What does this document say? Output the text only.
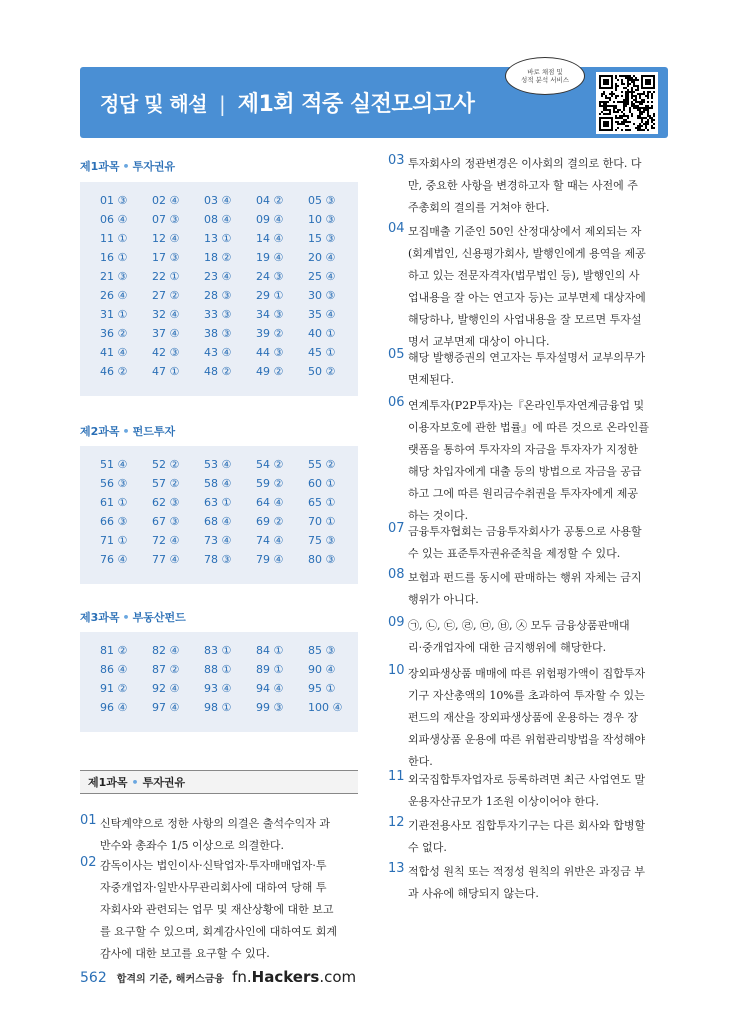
정답 및 해설 | 제1회 적중 실전모의고사
바로 채점 및
성적 분석 서비스
제1과목 • 투자권유
01 ③ 02 ④ 03 ④ 04 ② 05 ③
06 ④ 07 ③ 08 ④ 09 ④ 10 ③
11 ① 12 ④ 13 ① 14 ④ 15 ③
16 ① 17 ③ 18 ② 19 ④ 20 ④
21 ③ 22 ① 23 ④ 24 ③ 25 ④
26 ④ 27 ② 28 ③ 29 ① 30 ③
31 ① 32 ④ 33 ③ 34 ③ 35 ④
36 ② 37 ④ 38 ③ 39 ② 40 ①
41 ④ 42 ③ 43 ④ 44 ③ 45 ①
46 ② 47 ① 48 ② 49 ② 50 ②
제2과목 • 펀드투자
51 ④ 52 ② 53 ④ 54 ② 55 ②
56 ③ 57 ② 58 ④ 59 ② 60 ①
61 ① 62 ③ 63 ① 64 ④ 65 ①
66 ③ 67 ③ 68 ④ 69 ② 70 ①
71 ① 72 ④ 73 ④ 74 ④ 75 ③
76 ④ 77 ④ 78 ③ 79 ④ 80 ③
제3과목 • 부동산펀드
81 ② 82 ④ 83 ① 84 ① 85 ③
86 ④ 87 ② 88 ① 89 ① 90 ④
91 ② 92 ④ 93 ④ 94 ④ 95 ①
96 ④ 97 ④ 98 ① 99 ③ 100 ④
제1과목 • 투자권유
01 신탁계약으로 정한 사항의 의결은 출석수익자 과
반수와 총좌수 1/5 이상으로 의결한다.
02 감독이사는 법인이사·신탁업자·투자매매업자·투
자중개업자·일반사무관리회사에 대하여 당해 투
자회사와 관련되는 업무 및 재산상황에 대한 보고
를 요구할 수 있으며, 회계감사인에 대하여도 회계
감사에 대한 보고를 요구할 수 있다.
03 투자회사의 정관변경은 이사회의 결의로 한다. 다
만, 중요한 사항을 변경하고자 할 때는 사전에 주
주총회의 결의를 거쳐야 한다.
04 모집매출 기준인 50인 산정대상에서 제외되는 자
(회계법인, 신용평가회사, 발행인에게 용역을 제공
하고 있는 전문자격자(법무법인 등), 발행인의 사
업내용을 잘 아는 연고자 등)는 교부면제 대상자에
해당하나, 발행인의 사업내용을 잘 모르면 투자설
명서 교부면제 대상이 아니다.
05 해당 발행증권의 연고자는 투자설명서 교부의무가
면제된다.
06 연계투자(P2P투자)는『온라인투자연계금융업 및
이용자보호에 관한 법률』에 따른 것으로 온라인플
랫폼을 통하여 투자자의 자금을 투자자가 지정한
해당 차입자에게 대출 등의 방법으로 자금을 공급
하고 그에 따른 원리금수취권을 투자자에게 제공
하는 것이다.
07 금융투자협회는 금융투자회사가 공통으로 사용할
수 있는 표준투자권유준칙을 제정할 수 있다.
08 보험과 펀드를 동시에 판매하는 행위 자체는 금지
행위가 아니다.
09 ㉠, ㉡, ㉢, ㉣, ㉤, ㉥, ㉦ 모두 금융상품판매대
리·중개업자에 대한 금지행위에 해당한다.
10 장외파생상품 매매에 따른 위험평가액이 집합투자
기구 자산총액의 10%를 초과하여 투자할 수 있는
펀드의 재산을 장외파생상품에 운용하는 경우 장
외파생상품 운용에 따른 위험관리방법을 작성해야
한다.
11 외국집합투자업자로 등록하려면 최근 사업연도 말
운용자산규모가 1조원 이상이어야 한다.
12 기관전용사모 집합투자기구는 다른 회사와 합병할
수 없다.
13 적합성 원칙 또는 적정성 원칙의 위반은 과징금 부
과 사유에 해당되지 않는다.
562 합격의 기준, 해커스금융 fn.Hackers.com
